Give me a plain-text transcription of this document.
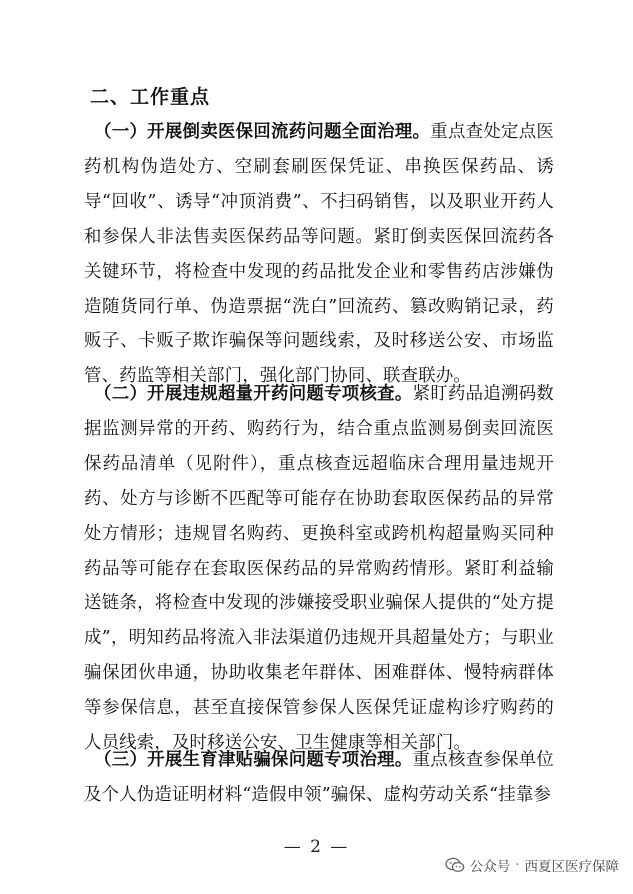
二、工作重点
（一）开展倒卖医保回流药问题全面治理。重点查处定点医药机构伪造处方、空刷套刷医保凭证、串换医保药品、诱导“回收”、诱导“冲顶消费”、不扫码销售，以及职业开药人和参保人非法售卖医保药品等问题。紧盯倒卖医保回流药各关键环节，将检查中发现的药品批发企业和零售药店涉嫌伪造随货同行单、伪造票据“洗白”回流药、篡改购销记录，药贩子、卡贩子欺诈骗保等问题线索，及时移送公安、市场监管、药监等相关部门，强化部门协同、联查联办。
（二）开展违规超量开药问题专项核查。紧盯药品追溯码数据监测异常的开药、购药行为，结合重点监测易倒卖回流医保药品清单（见附件），重点核查远超临床合理用量违规开药、处方与诊断不匹配等可能存在协助套取医保药品的异常处方情形；违规冒名购药、更换科室或跨机构超量购买同种药品等可能存在套取医保药品的异常购药情形。紧盯利益输送链条，将检查中发现的涉嫌接受职业骗保人提供的“处方提成”，明知药品将流入非法渠道仍违规开具超量处方；与职业骗保团伙串通，协助收集老年群体、困难群体、慢特病群体等参保信息，甚至直接保管参保人医保凭证虚构诊疗购药的人员线索，及时移送公安、卫生健康等相关部门。
（三）开展生育津贴骗保问题专项治理。重点核查参保单位及个人伪造证明材料“造假申领”骗保、虚构劳动关系“挂靠参
— 2 —
公众号 · 西夏区医疗保障
